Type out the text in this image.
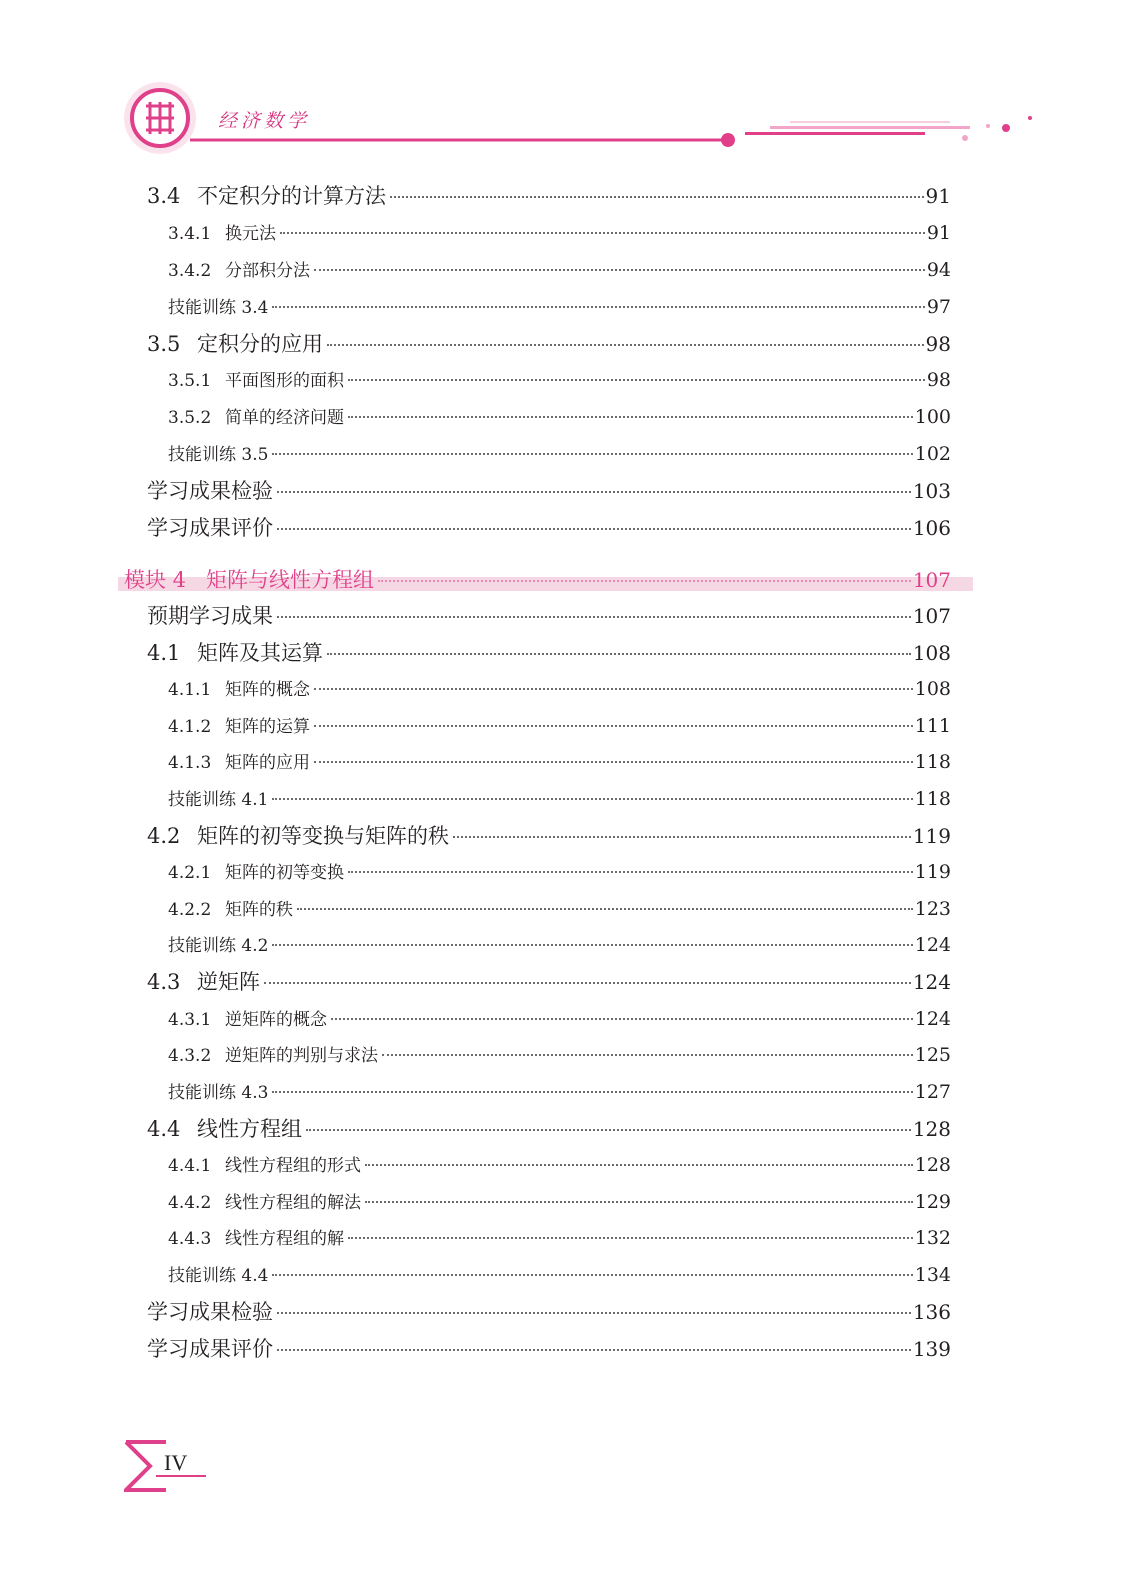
经济数学
3.4 不定积分的计算方法	91
3.4.1 换元法	91
3.4.2 分部积分法	94
技能训练 3.4	97
3.5 定积分的应用	98
3.5.1 平面图形的面积	98
3.5.2 简单的经济问题	100
技能训练 3.5	102
学习成果检验	103
学习成果评价	106
模块 4 矩阵与线性方程组	107
预期学习成果	107
4.1 矩阵及其运算	108
4.1.1 矩阵的概念	108
4.1.2 矩阵的运算	111
4.1.3 矩阵的应用	118
技能训练 4.1	118
4.2 矩阵的初等变换与矩阵的秩	119
4.2.1 矩阵的初等变换	119
4.2.2 矩阵的秩	123
技能训练 4.2	124
4.3 逆矩阵	124
4.3.1 逆矩阵的概念	124
4.3.2 逆矩阵的判别与求法	125
技能训练 4.3	127
4.4 线性方程组	128
4.4.1 线性方程组的形式	128
4.4.2 线性方程组的解法	129
4.4.3 线性方程组的解	132
技能训练 4.4	134
学习成果检验	136
学习成果评价	139
IV
